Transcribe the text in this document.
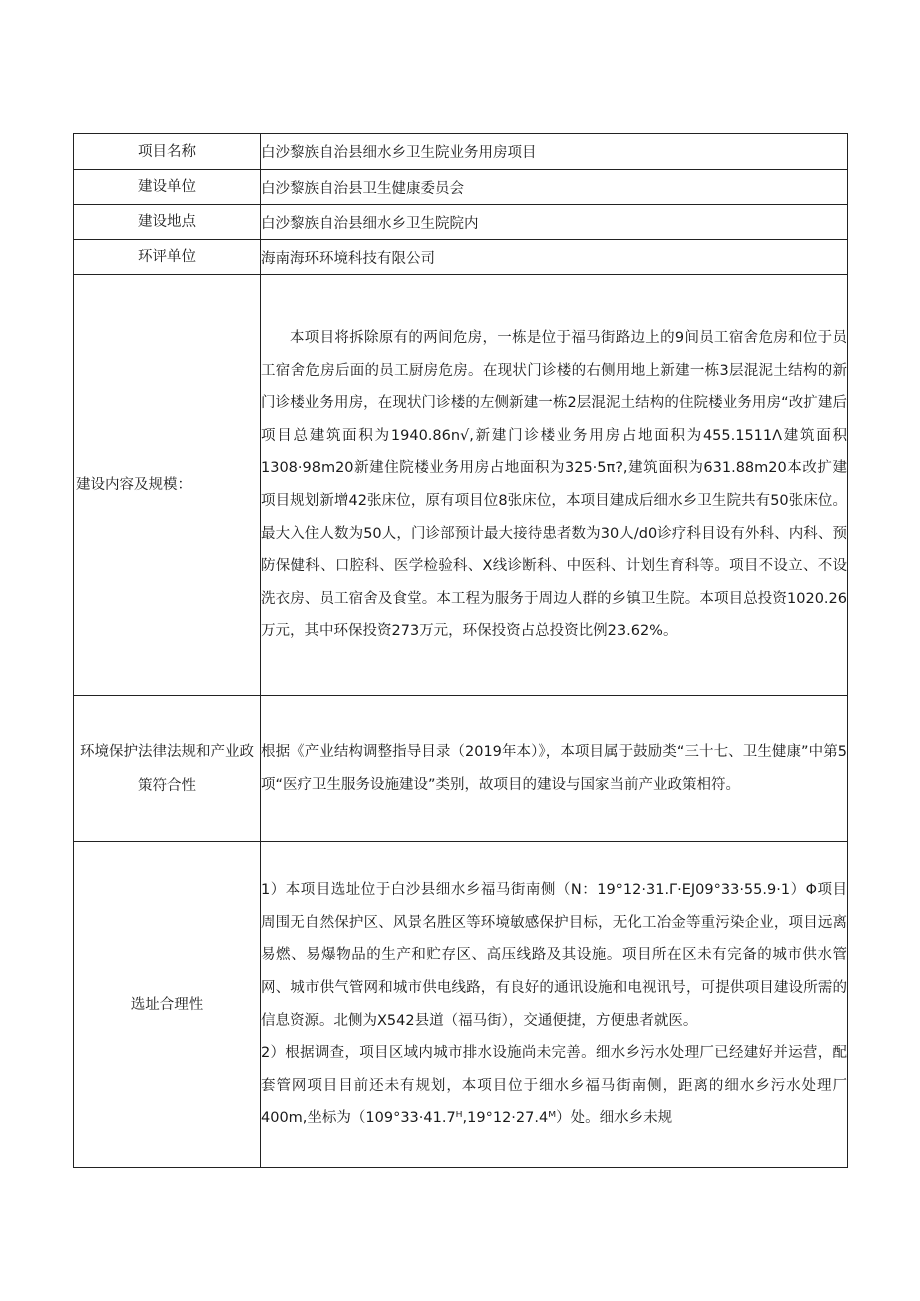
项目名称	白沙黎族自治县细水乡卫生院业务用房项目
建设单位	白沙黎族自治县卫生健康委员会
建设地点	白沙黎族自治县细水乡卫生院院内
环评单位	海南海环环境科技有限公司
建设内容及规模：	本项目将拆除原有的两间危房，一栋是位于福马街路边上的9间员工宿舍危房和位于员工宿舍危房后面的员工厨房危房。在现状门诊楼的右侧用地上新建一栋3层混泥土结构的新门诊楼业务用房，在现状门诊楼的左侧新建一栋2层混泥土结构的住院楼业务用房“改扩建后项目总建筑面积为1940.86n√,新建门诊楼业务用房占地面积为455.1511Λ建筑面积1308·98m20新建住院楼业务用房占地面积为325·5π?,建筑面积为631.88m20本改扩建项目规划新增42张床位，原有项目位8张床位，本项目建成后细水乡卫生院共有50张床位。最大入住人数为50人，门诊部预计最大接待患者数为30人/d0诊疗科目设有外科、内科、预防保健科、口腔科、医学检验科、X线诊断科、中医科、计划生育科等。项目不设立、不设洗衣房、员工宿舍及食堂。本工程为服务于周边人群的乡镇卫生院。本项目总投资1020.26万元，其中环保投资273万元，环保投资占总投资比例23.62%。

环境保护法律法规和产业政
策符合性	根据《产业结构调整指导目录（2019年本）》，本项目属于鼓励类“三十七、卫生健康”中第5项“医疗卫生服务设施建设”类别，故项目的建设与国家当前产业政策相符。

选址合理性	1）本项目选址位于白沙县细水乡福马街南侧（N：19°12·31.Γ·EJ09°33·55.9·1）Φ项目周围无自然保护区、风景名胜区等环境敏感保护目标，无化工冶金等重污染企业，项目远离易燃、易爆物品的生产和贮存区、高压线路及其设施。项目所在区未有完备的城市供水管网、城市供气管网和城市供电线路，有良好的通讯设施和电视讯号，可提供项目建设所需的信息资源。北侧为X542县道（福马街），交通便捷，方便患者就医。

2）根据调查，项目区域内城市排水设施尚未完善。细水乡污水处理厂已经建好并运营，配套管网项目目前还未有规划，本项目位于细水乡福马街南侧，距离的细水乡污水处理厂400m,坐标为（109°33·41.7ᴴ,19°12·27.4ᴹ）处。细水乡未规
